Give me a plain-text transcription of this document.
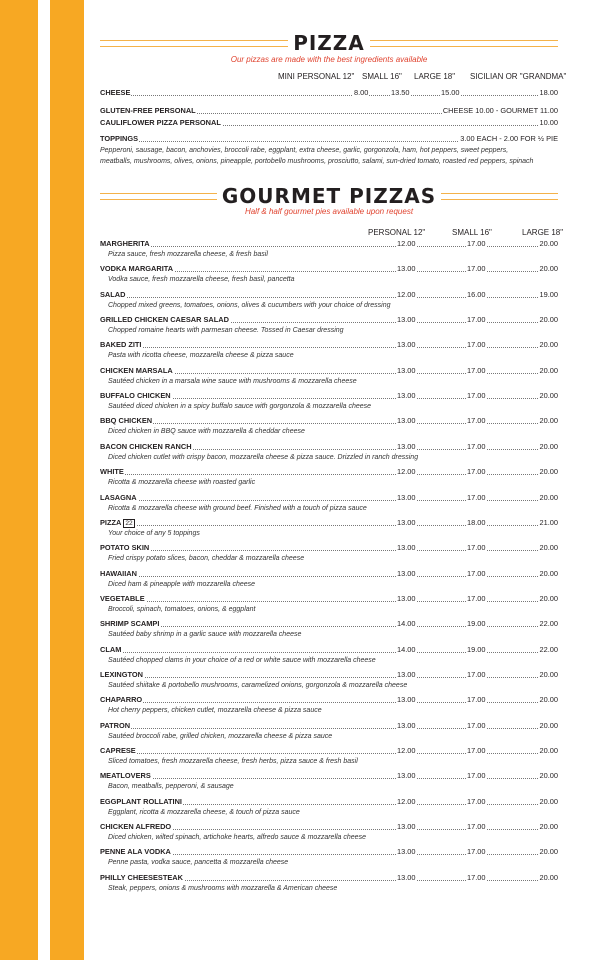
PIZZA
Our pizzas are made with the best ingredients available
MINI PERSONAL 12" SMALL 16" LARGE 18" SICILIAN OR "GRANDMA"
CHEESE	8.00	13.50	15.00	18.00
GLUTEN-FREE PERSONAL	CHEESE 10.00 - GOURMET 11.00
CAULIFLOWER PIZZA PERSONAL	10.00
TOPPINGS	3.00 EACH - 2.00 FOR ½ PIE
Pepperoni, sausage, bacon, anchovies, broccoli rabe, eggplant, extra cheese, garlic, gorgonzola, ham, hot peppers, sweet peppers, meatballs, mushrooms, olives, onions, pineapple, portobello mushrooms, prosciutto, salami, sun-dried tomato, roasted red peppers, spinach
GOURMET PIZZAS
Half & half gourmet pies available upon request
PERSONAL 12"	SMALL 16"	LARGE 18"
MARGHERITA	12.00	17.00	20.00
Pizza sauce, fresh mozzarella cheese, & fresh basil
VODKA MARGARITA	13.00	17.00	20.00
Vodka sauce, fresh mozzarella cheese, fresh basil, pancetta
SALAD	12.00	16.00	19.00
Chopped mixed greens, tomatoes, onions, olives & cucumbers with your choice of dressing
GRILLED CHICKEN CAESAR SALAD	13.00	17.00	20.00
Chopped romaine hearts with parmesan cheese. Tossed in Caesar dressing
BAKED ZITI	13.00	17.00	20.00
Pasta with ricotta cheese, mozzarella cheese & pizza sauce
CHICKEN MARSALA	13.00	17.00	20.00
Sautéed chicken in a marsala wine sauce with mushrooms & mozzarella cheese
BUFFALO CHICKEN	13.00	17.00	20.00
Sautéed diced chicken in a spicy buffalo sauce with gorgonzola & mozzarella cheese
BBQ CHICKEN	13.00	17.00	20.00
Diced chicken in BBQ sauce with mozzarella & cheddar cheese
BACON CHICKEN RANCH	13.00	17.00	20.00
Diced chicken cutlet with crispy bacon, mozzarella cheese & pizza sauce. Drizzled in ranch dressing
WHITE	12.00	17.00	20.00
Ricotta & mozzarella cheese with roasted garlic
LASAGNA	13.00	17.00	20.00
Ricotta & mozzarella cheese with ground beef. Finished with a touch of pizza sauce
PIZZA 22	13.00	18.00	21.00
Your choice of any 5 toppings
POTATO SKIN	13.00	17.00	20.00
Fried crispy potato slices, bacon, cheddar & mozzarella cheese
HAWAIIAN	13.00	17.00	20.00
Diced ham & pineapple with mozzarella cheese
VEGETABLE	13.00	17.00	20.00
Broccoli, spinach, tomatoes, onions, & eggplant
SHRIMP SCAMPI	14.00	19.00	22.00
Sautéed baby shrimp in a garlic sauce with mozzarella cheese
CLAM	14.00	19.00	22.00
Sautéed chopped clams in your choice of a red or white sauce with mozzarella cheese
LEXINGTON	13.00	17.00	20.00
Sautéed shiitake & portobello mushrooms, caramelized onions, gorgonzola & mozzarella cheese
CHAPARRO	13.00	17.00	20.00
Hot cherry peppers, chicken cutlet, mozzarella cheese & pizza sauce
PATRON	13.00	17.00	20.00
Sautéed broccoli rabe, grilled chicken, mozzarella cheese & pizza sauce
CAPRESE	12.00	17.00	20.00
Sliced tomatoes, fresh mozzarella cheese, fresh herbs, pizza sauce & fresh basil
MEATLOVERS	13.00	17.00	20.00
Bacon, meatballs, pepperoni, & sausage
EGGPLANT ROLLATINI	12.00	17.00	20.00
Eggplant, ricotta & mozzarella cheese, & touch of pizza sauce
CHICKEN ALFREDO	13.00	17.00	20.00
Diced chicken, wilted spinach, artichoke hearts, alfredo sauce & mozzarella cheese
PENNE ALA VODKA	13.00	17.00	20.00
Penne pasta, vodka sauce, pancetta & mozzarella cheese
PHILLY CHEESESTEAK	13.00	17.00	20.00
Steak, peppers, onions & mushrooms with mozzarella & American cheese
